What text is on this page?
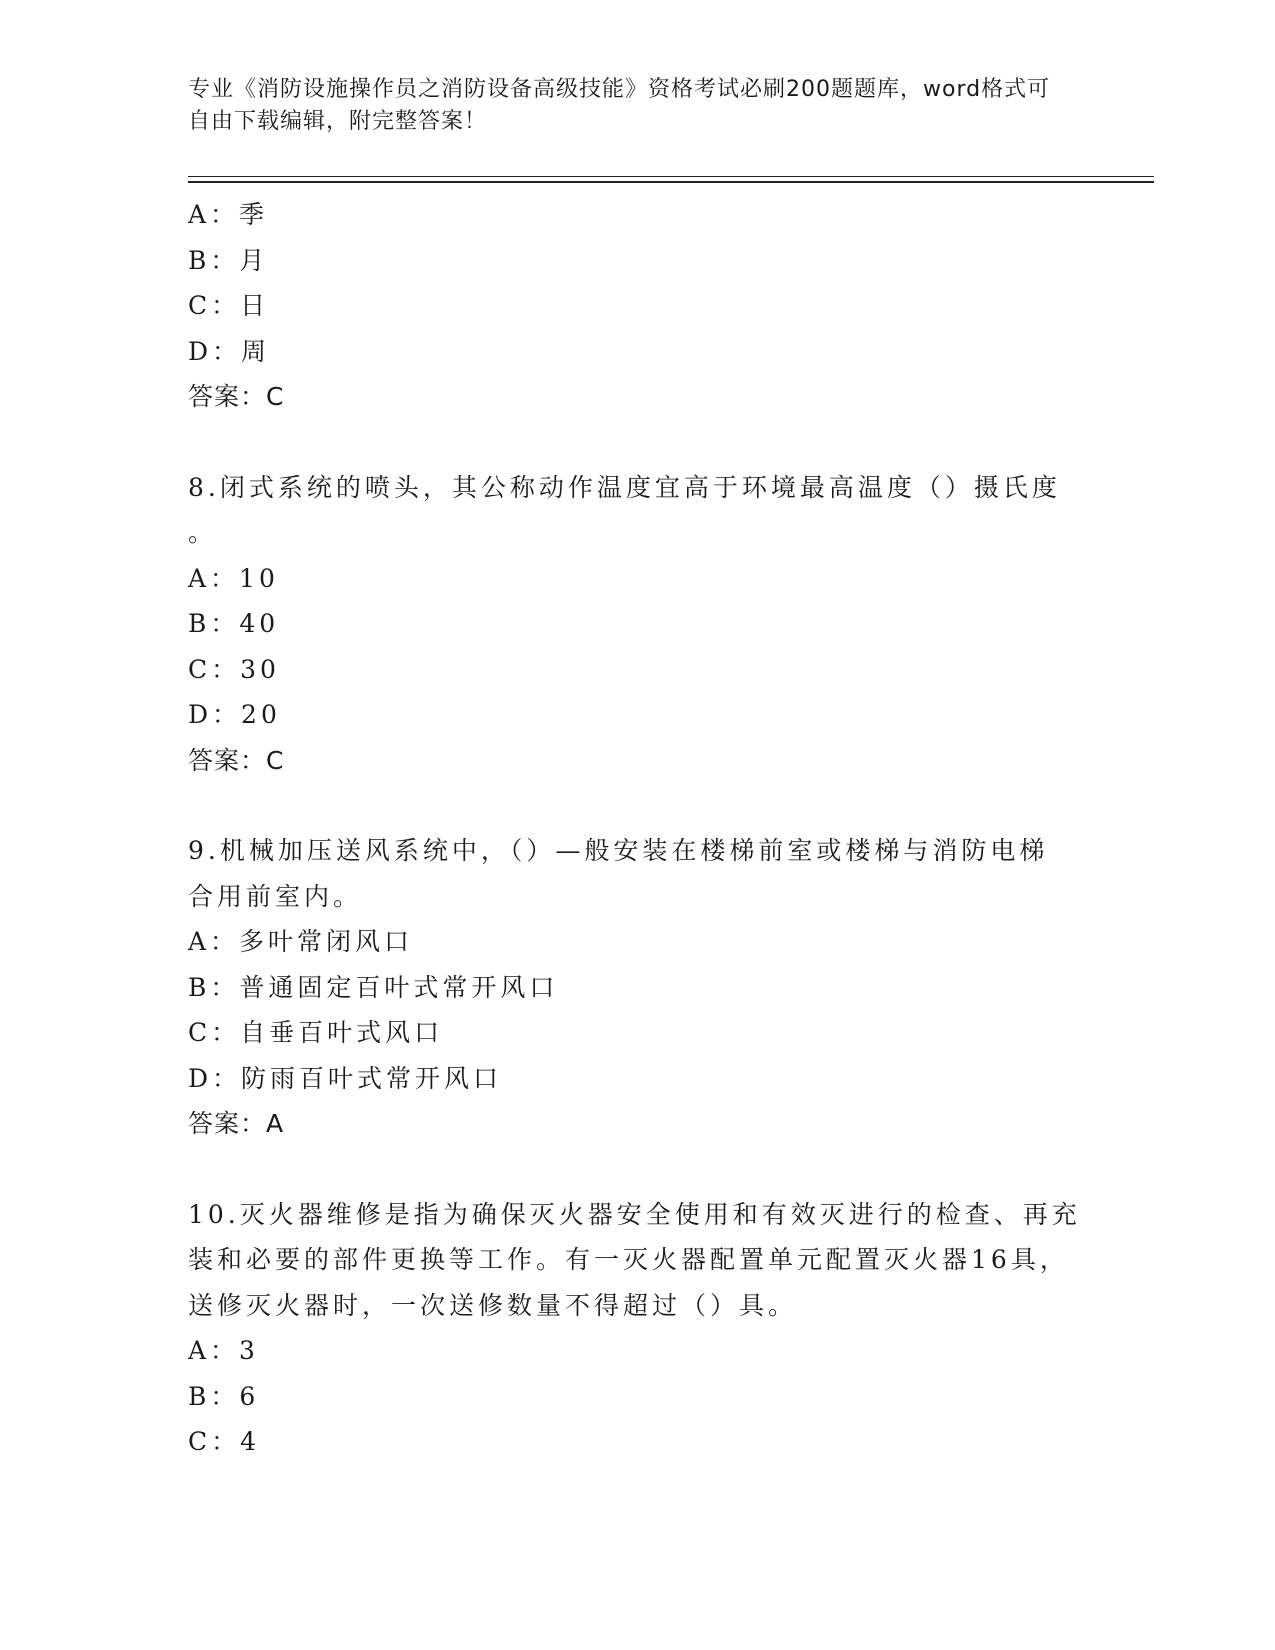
专业《消防设施操作员之消防设备高级技能》资格考试必刷200题题库，word格式可自由下载编辑，附完整答案！
A：季
B：月
C：日
D：周
答案：C
8.闭式系统的喷头，其公称动作温度宜高于环境最高温度（）摄氏度
。
A：10
B：40
C：30
D：20
答案：C
9.机械加压送风系统中，（）—般安装在楼梯前室或楼梯与消防电梯
合用前室内。
A：多叶常闭风口
B：普通固定百叶式常开风口
C：自垂百叶式风口
D：防雨百叶式常开风口
答案：A
10.灭火器维修是指为确保灭火器安全使用和有效灭进行的检查、再充
装和必要的部件更换等工作。有一灭火器配置单元配置灭火器16具，
送修灭火器时，一次送修数量不得超过（）具。
A：3
B：6
C：4
